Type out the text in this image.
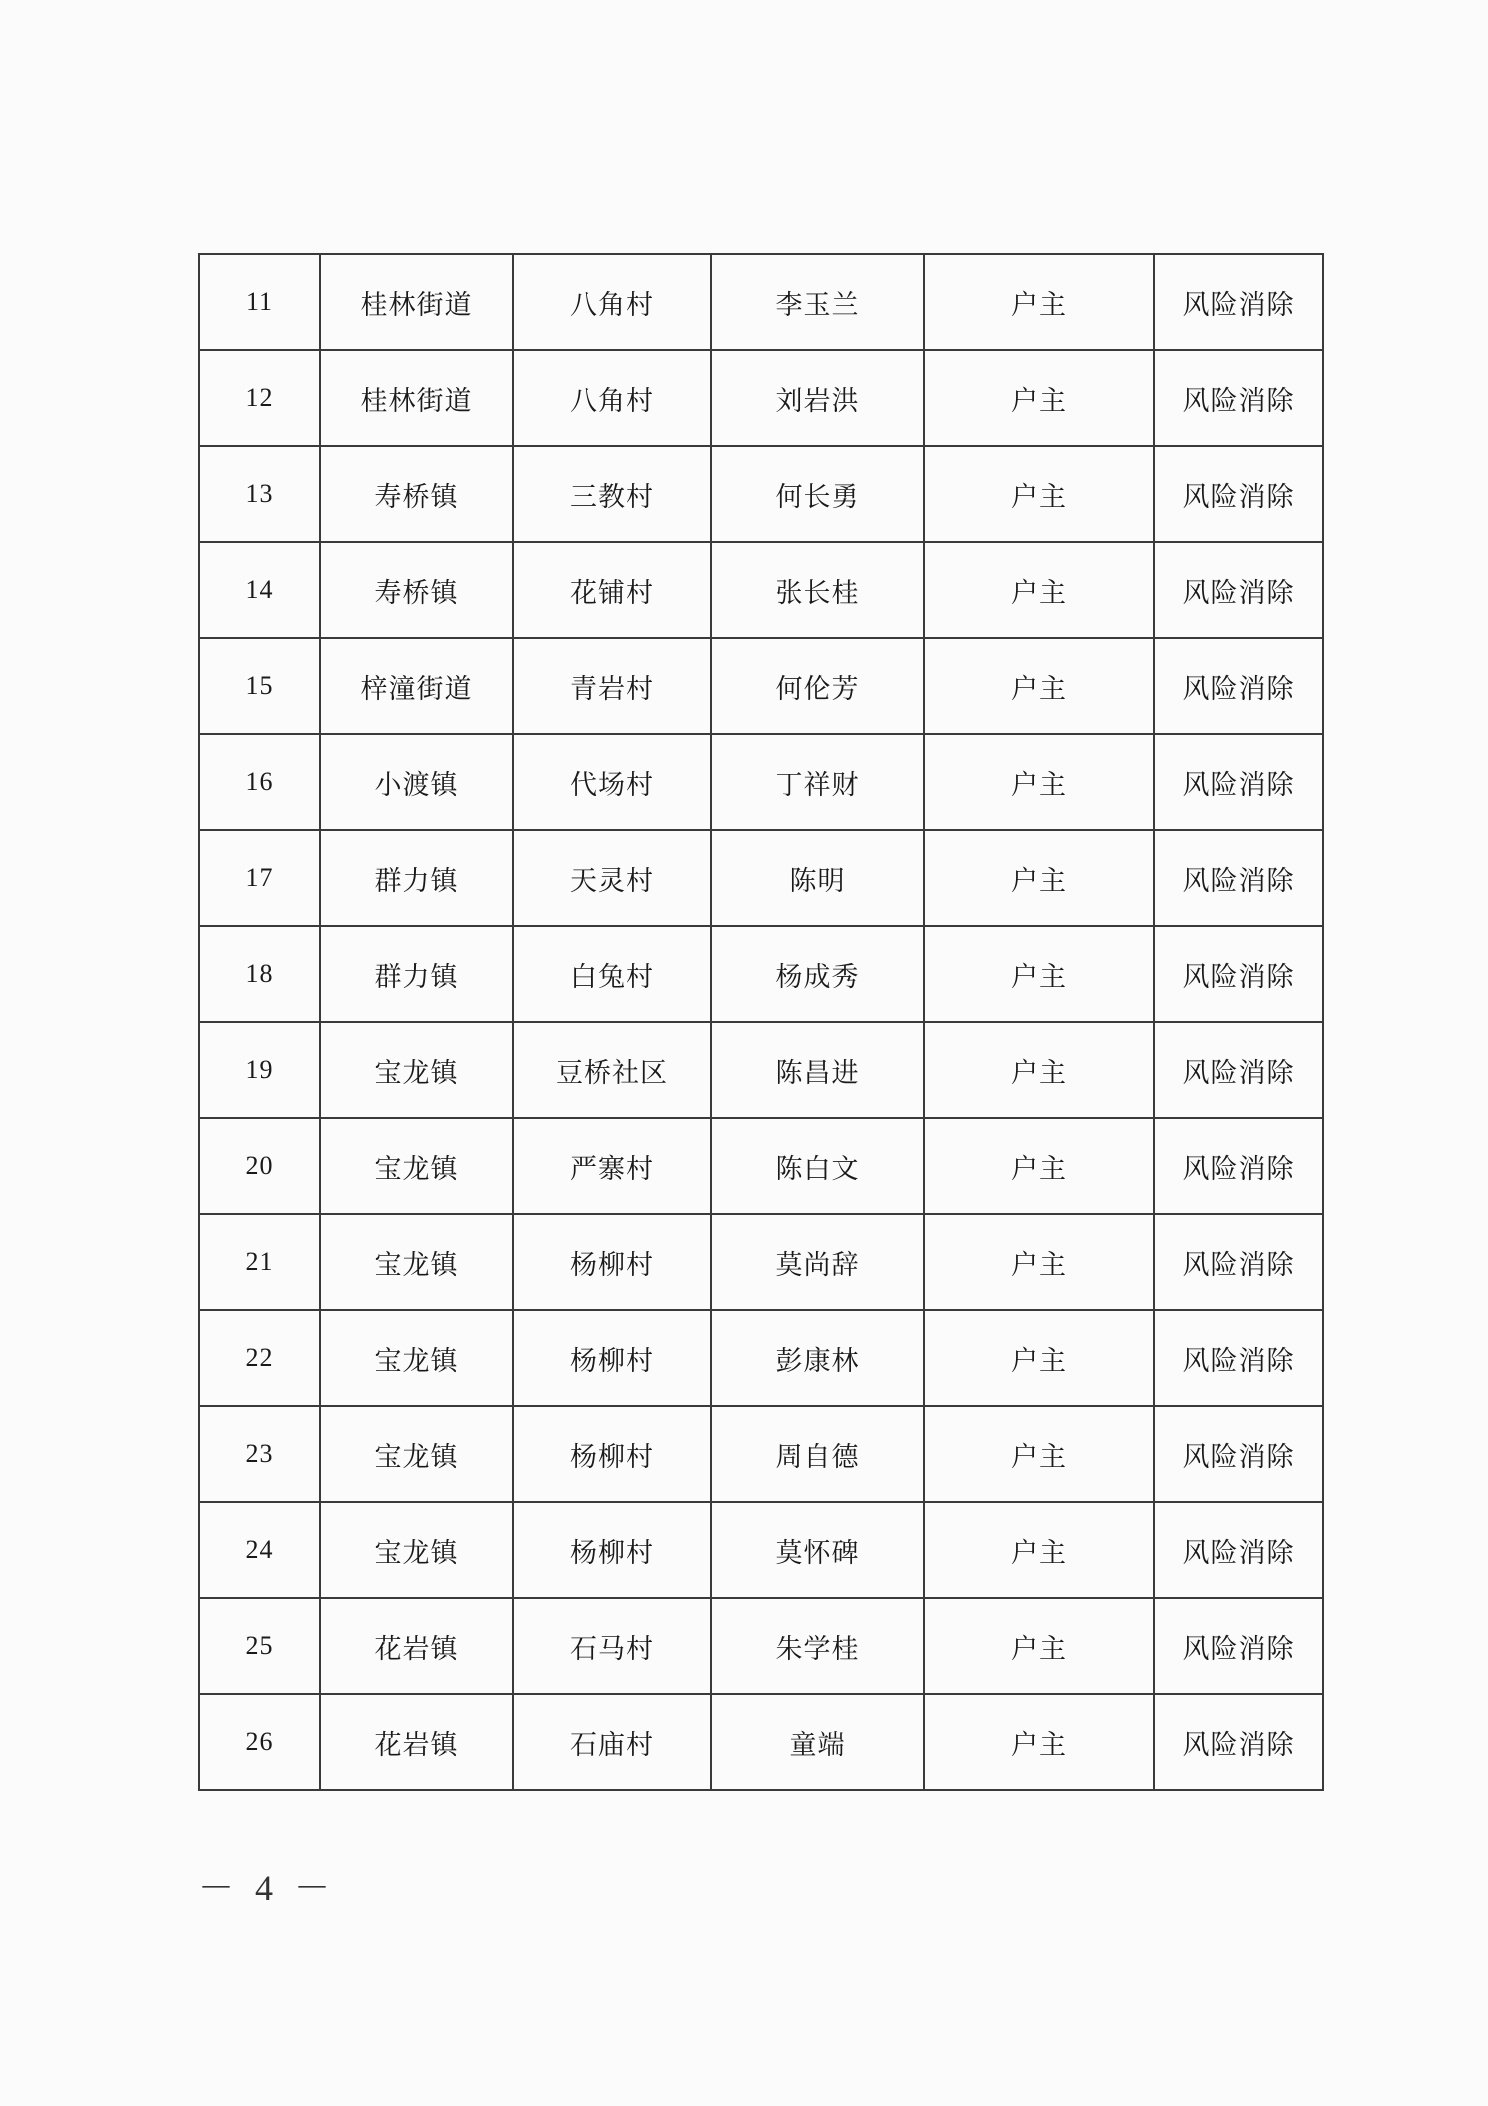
11	桂林街道	八角村	李玉兰	户主	风险消除
12	桂林街道	八角村	刘岩洪	户主	风险消除
13	寿桥镇	三教村	何长勇	户主	风险消除
14	寿桥镇	花铺村	张长桂	户主	风险消除
15	梓潼街道	青岩村	何伦芳	户主	风险消除
16	小渡镇	代场村	丁祥财	户主	风险消除
17	群力镇	天灵村	陈明	户主	风险消除
18	群力镇	白兔村	杨成秀	户主	风险消除
19	宝龙镇	豆桥社区	陈昌进	户主	风险消除
20	宝龙镇	严寨村	陈白文	户主	风险消除
21	宝龙镇	杨柳村	莫尚辞	户主	风险消除
22	宝龙镇	杨柳村	彭康林	户主	风险消除
23	宝龙镇	杨柳村	周自德	户主	风险消除
24	宝龙镇	杨柳村	莫怀碑	户主	风险消除
25	花岩镇	石马村	朱学桂	户主	风险消除
26	花岩镇	石庙村	童端	户主	风险消除
－ 4 －
